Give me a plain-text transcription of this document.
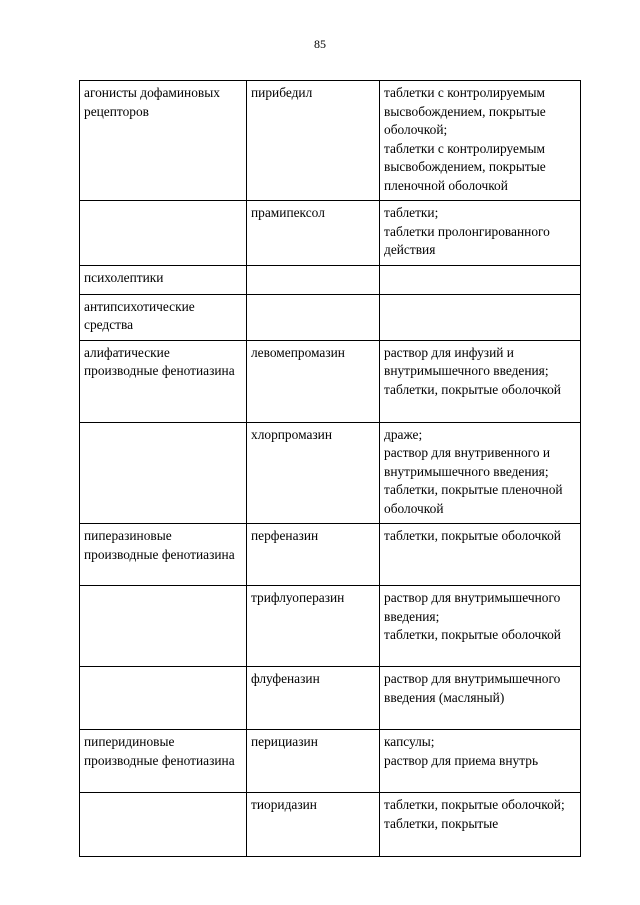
85
агонисты дофаминовых рецепторов	пирибедил	таблетки с контролируемым высвобождением, покрытые оболочкой;
таблетки с контролируемым высвобождением, покрытые пленочной оболочкой
	прамипексол	таблетки;
таблетки пролонгированного действия
психолептики		
антипсихотические средства		
алифатические производные фенотиазина	левомепромазин	раствор для инфузий и внутримышечного введения;
таблетки, покрытые оболочкой
	хлорпромазин	драже;
раствор для внутривенного и внутримышечного введения;
таблетки, покрытые пленочной оболочкой
пиперазиновые производные фенотиазина	перфеназин	таблетки, покрытые оболочкой
	трифлуоперазин	раствор для внутримышечного введения;
таблетки, покрытые оболочкой
	флуфеназин	раствор для внутримышечного введения (масляный)
пиперидиновые производные фенотиазина	перициазин	капсулы;
раствор для приема внутрь
	тиоридазин	таблетки, покрытые оболочкой;
таблетки, покрытые
